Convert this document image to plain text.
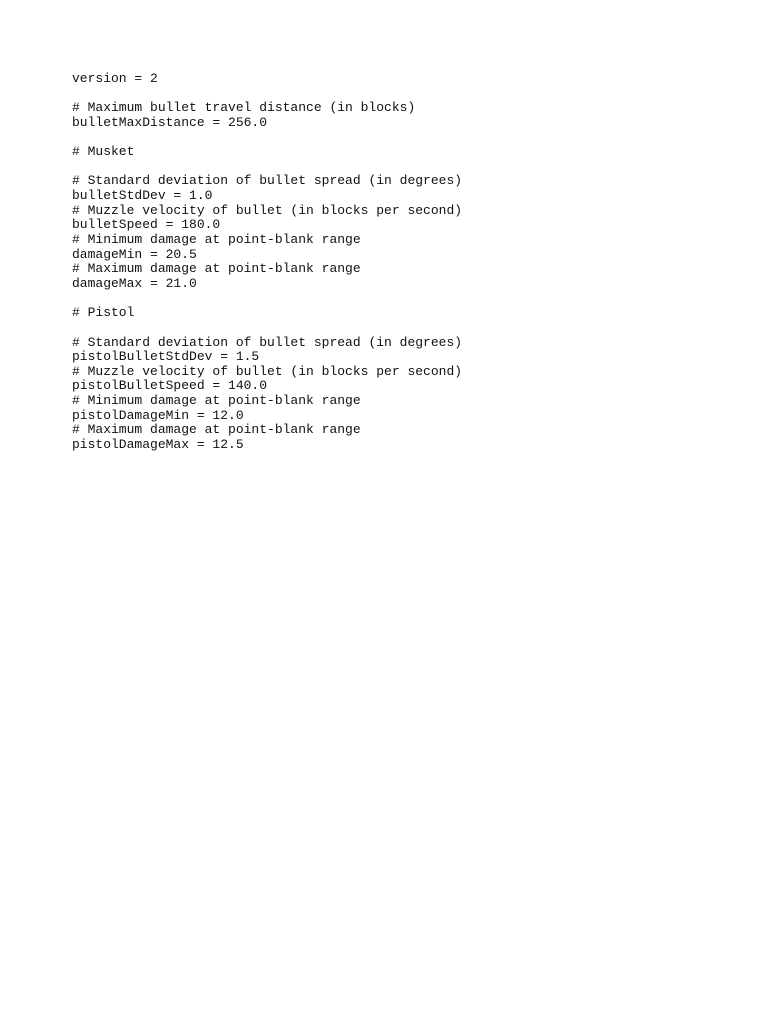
version = 2
# Maximum bullet travel distance (in blocks)
bulletMaxDistance = 256.0
# Musket
# Standard deviation of bullet spread (in degrees)
bulletStdDev = 1.0
# Muzzle velocity of bullet (in blocks per second)
bulletSpeed = 180.0
# Minimum damage at point-blank range
damageMin = 20.5
# Maximum damage at point-blank range
damageMax = 21.0
# Pistol
# Standard deviation of bullet spread (in degrees)
pistolBulletStdDev = 1.5
# Muzzle velocity of bullet (in blocks per second)
pistolBulletSpeed = 140.0
# Minimum damage at point-blank range
pistolDamageMin = 12.0
# Maximum damage at point-blank range
pistolDamageMax = 12.5
